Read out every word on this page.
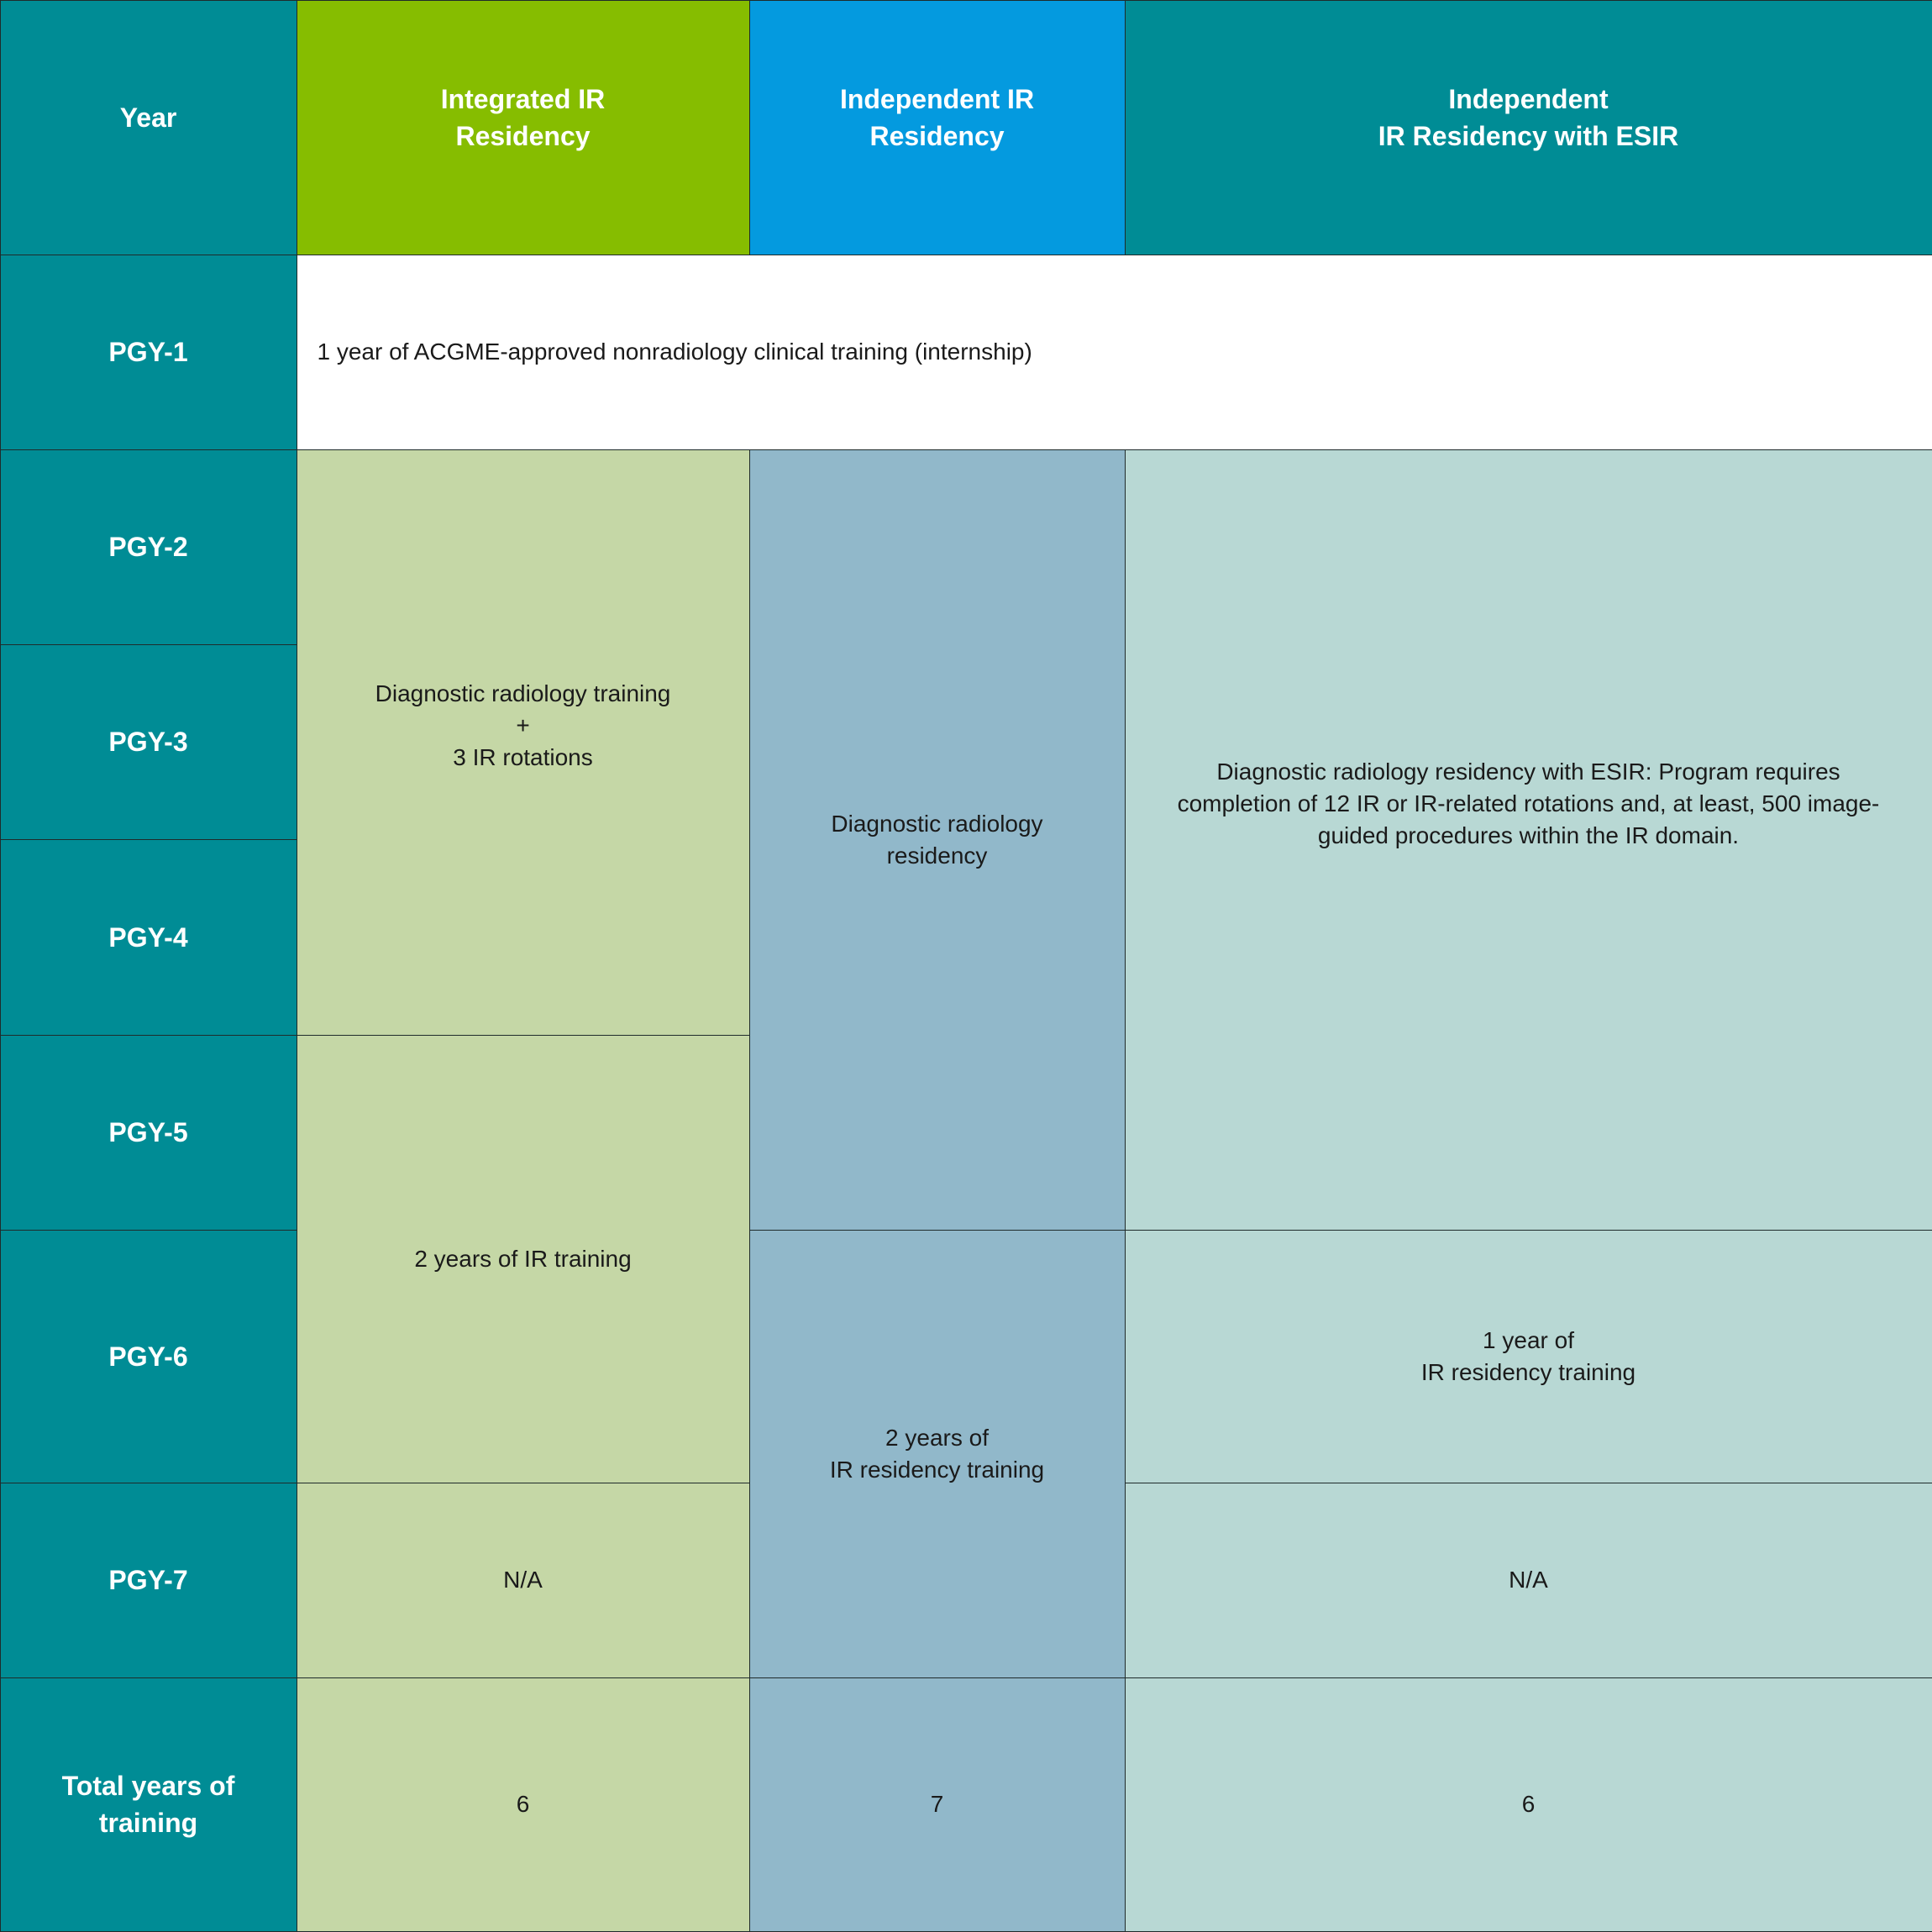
Year
Integrated IR
Residency
Independent IR
Residency
Independent
IR Residency with ESIR
PGY-1
PGY-2
PGY-3
PGY-4
PGY-5
PGY-6
PGY-7
Total years of
training
1 year of ACGME-approved nonradiology clinical training (internship)
Diagnostic radiology training
+
3 IR rotations
2 years of IR training
N/A
6
Diagnostic radiology
residency
2 years of
IR residency training
7
Diagnostic radiology residency with ESIR: Program requires
completion of 12 IR or IR-related rotations and, at least, 500 image-
guided procedures within the IR domain.
1 year of
IR residency training
N/A
6
